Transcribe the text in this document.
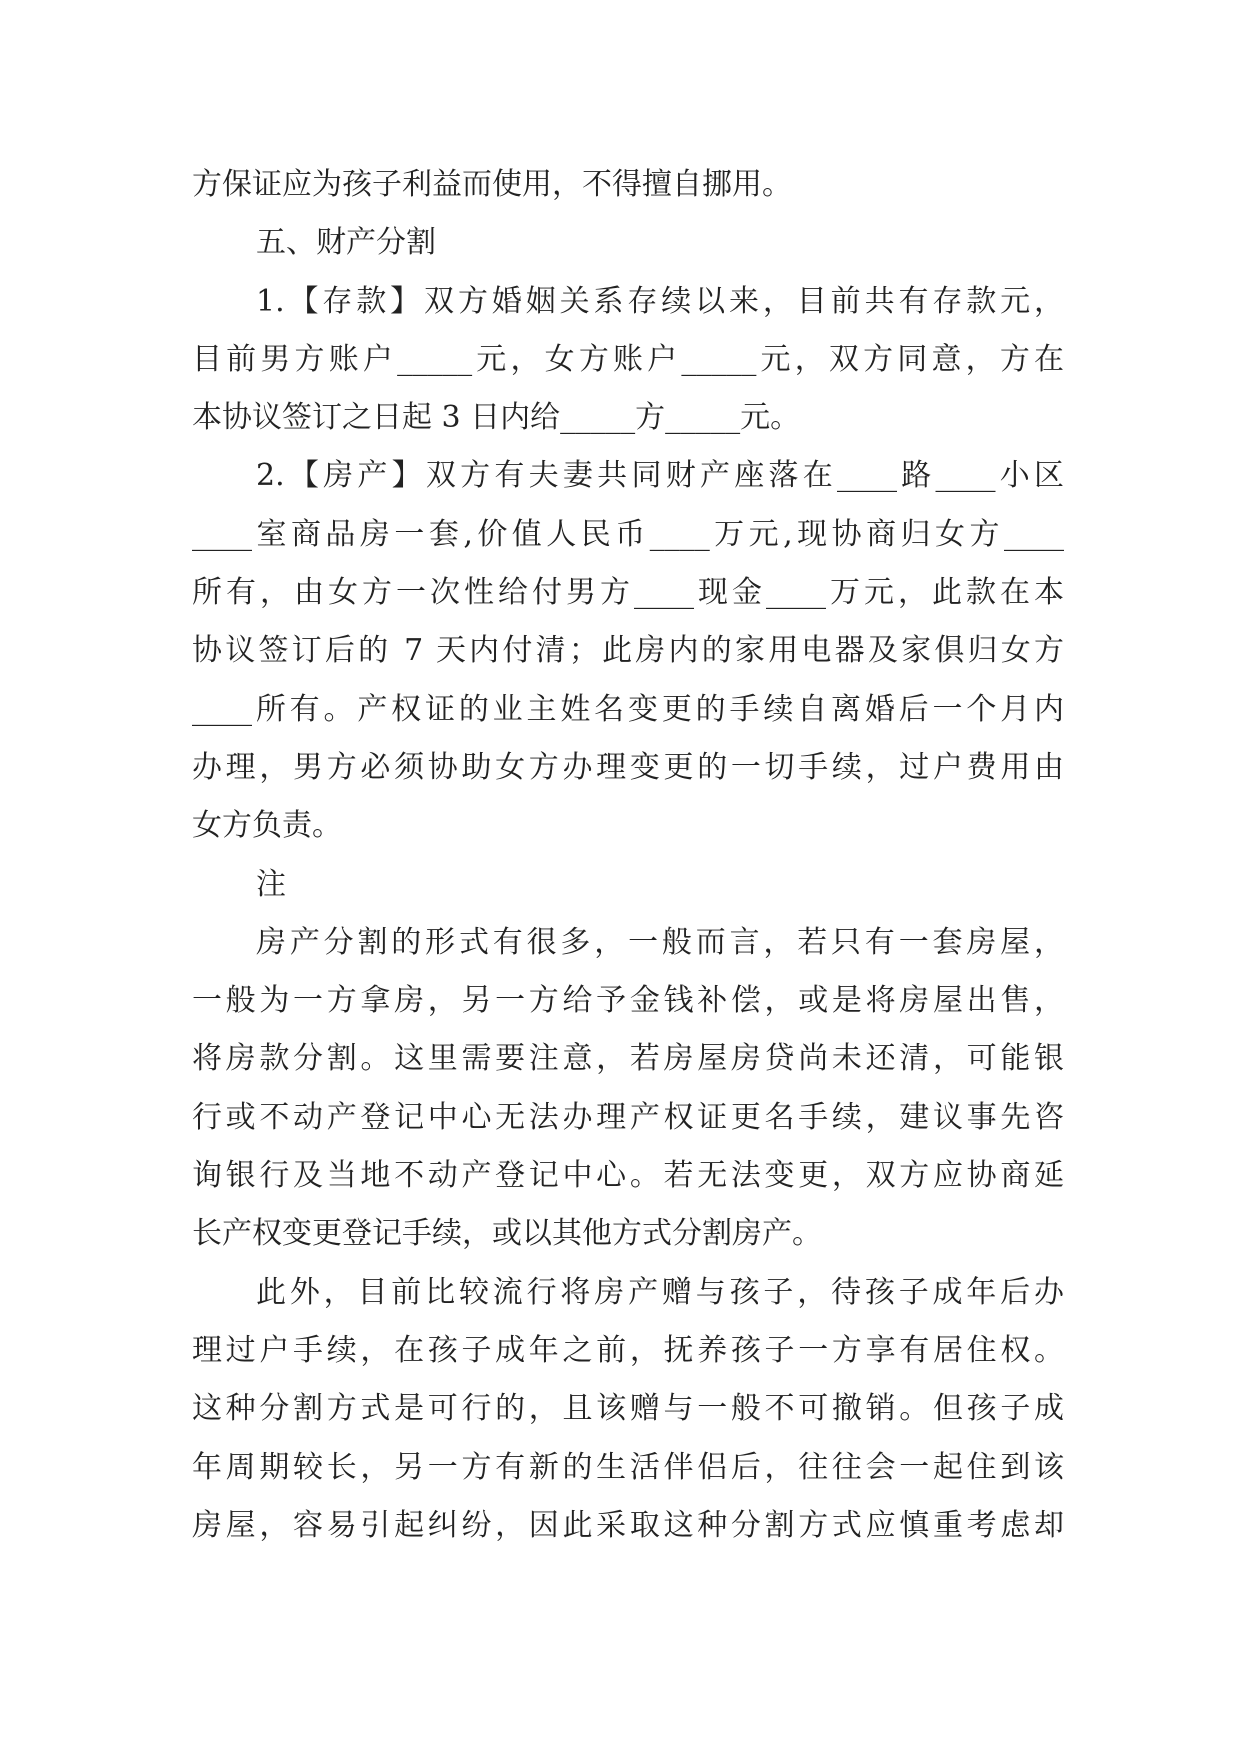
方保证应为孩子利益而使用，不得擅自挪用。
五、财产分割
1.【存款】双方婚姻关系存续以来，目前共有存款元，
目前男方账户_____元，女方账户_____元，双方同意，方在
本协议签订之日起 3 日内给_____方_____元。
2.【房产】双方有夫妻共同财产座落在____路____小区
____室商品房一套,价值人民币____万元,现协商归女方____
所有，由女方一次性给付男方____现金____万元，此款在本
协议签订后的 7 天内付清；此房内的家用电器及家俱归女方
____所有。产权证的业主姓名变更的手续自离婚后一个月内
办理，男方必须协助女方办理变更的一切手续，过户费用由
女方负责。
注
房产分割的形式有很多，一般而言，若只有一套房屋，
一般为一方拿房，另一方给予金钱补偿，或是将房屋出售，
将房款分割。这里需要注意，若房屋房贷尚未还清，可能银
行或不动产登记中心无法办理产权证更名手续，建议事先咨
询银行及当地不动产登记中心。若无法变更，双方应协商延
长产权变更登记手续，或以其他方式分割房产。
此外，目前比较流行将房产赠与孩子，待孩子成年后办
理过户手续，在孩子成年之前，抚养孩子一方享有居住权。
这种分割方式是可行的，且该赠与一般不可撤销。但孩子成
年周期较长，另一方有新的生活伴侣后，往往会一起住到该
房屋，容易引起纠纷，因此采取这种分割方式应慎重考虑却
